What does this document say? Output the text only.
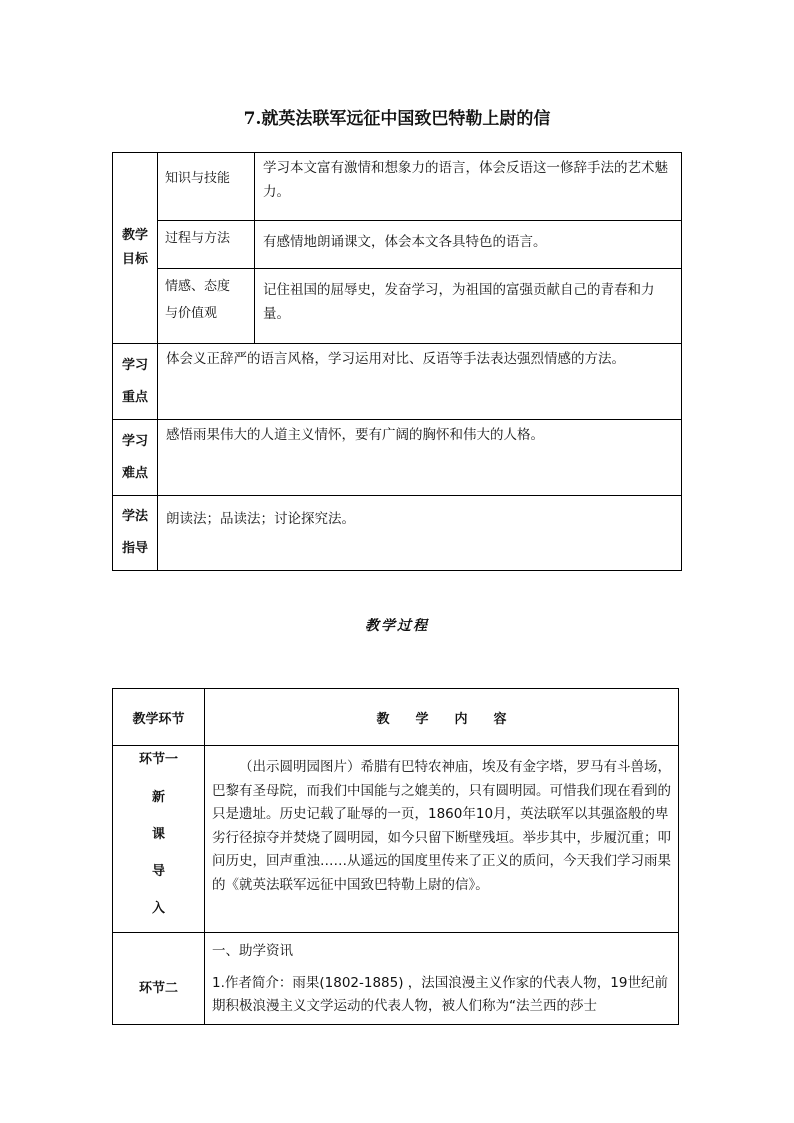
7.就英法联军远征中国致巴特勒上尉的信
教学
目标	知识与技能	学习本文富有激情和想象力的语言，体会反语这一修辞手法的艺术魅力。

	过程与方法	有感情地朗诵课文，体会本文各具特色的语言。

	情感、态度
与价值观	记住祖国的屈辱史，发奋学习，为祖国的富强贡献自己的青春和力量。

学习
重点	体会义正辞严的语言风格，学习运用对比、反语等手法表达强烈情感的方法。	

学习
难点	感悟雨果伟大的人道主义情怀，要有广阔的胸怀和伟大的人格。	

学法
指导	朗读法；品读法；讨论探究法。	
教学过程
教学环节	教学内容

环节一
新
课
导
入	（出示圆明园图片）希腊有巴特农神庙，埃及有金字塔，罗马有斗兽场，巴黎有圣母院，而我们中国能与之媲美的，只有圆明园。可惜我们现在看到的只是遗址。历史记载了耻辱的一页，1860年10月，英法联军以其强盗般的卑劣行径掠夺并焚烧了圆明园，如今只留下断壁残垣。举步其中，步履沉重；叩问历史，回声重浊……从遥远的国度里传来了正义的质问，今天我们学习雨果的《就英法联军远征中国致巴特勒上尉的信》。

环节二	一、助学资讯

1.作者简介：雨果(1802-1885) ，法国浪漫主义作家的代表人物，19世纪前期积极浪漫主义文学运动的代表人物，被人们称为“法兰西的莎士
